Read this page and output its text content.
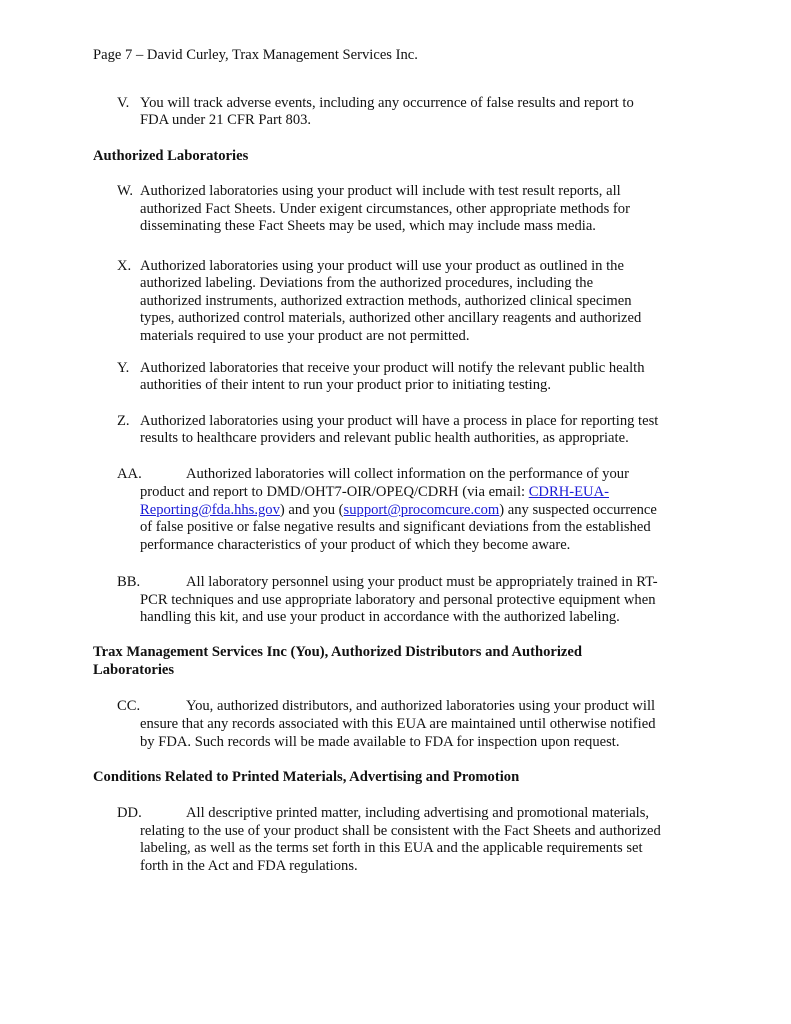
Page 7 – David Curley, Trax Management Services Inc.
V. You will track adverse events, including any occurrence of false results and report to
FDA under 21 CFR Part 803.
Authorized Laboratories
W. Authorized laboratories using your product will include with test result reports, all
authorized Fact Sheets. Under exigent circumstances, other appropriate methods for
disseminating these Fact Sheets may be used, which may include mass media.
X. Authorized laboratories using your product will use your product as outlined in the
authorized labeling. Deviations from the authorized procedures, including the
authorized instruments, authorized extraction methods, authorized clinical specimen
types, authorized control materials, authorized other ancillary reagents and authorized
materials required to use your product are not permitted.
Y. Authorized laboratories that receive your product will notify the relevant public health
authorities of their intent to run your product prior to initiating testing.
Z. Authorized laboratories using your product will have a process in place for reporting test
results to healthcare providers and relevant public health authorities, as appropriate.
AA.	Authorized laboratories will collect information on the performance of your
product and report to DMD/OHT7-OIR/OPEQ/CDRH (via email: CDRH-EUA-
Reporting@fda.hhs.gov) and you (support@procomcure.com) any suspected occurrence
of false positive or false negative results and significant deviations from the established
performance characteristics of your product of which they become aware.
BB.	All laboratory personnel using your product must be appropriately trained in RT-
PCR techniques and use appropriate laboratory and personal protective equipment when
handling this kit, and use your product in accordance with the authorized labeling.
Trax Management Services Inc (You), Authorized Distributors and Authorized
Laboratories
CC.	You, authorized distributors, and authorized laboratories using your product will
ensure that any records associated with this EUA are maintained until otherwise notified
by FDA. Such records will be made available to FDA for inspection upon request.
Conditions Related to Printed Materials, Advertising and Promotion
DD.	All descriptive printed matter, including advertising and promotional materials,
relating to the use of your product shall be consistent with the Fact Sheets and authorized
labeling, as well as the terms set forth in this EUA and the applicable requirements set
forth in the Act and FDA regulations.
